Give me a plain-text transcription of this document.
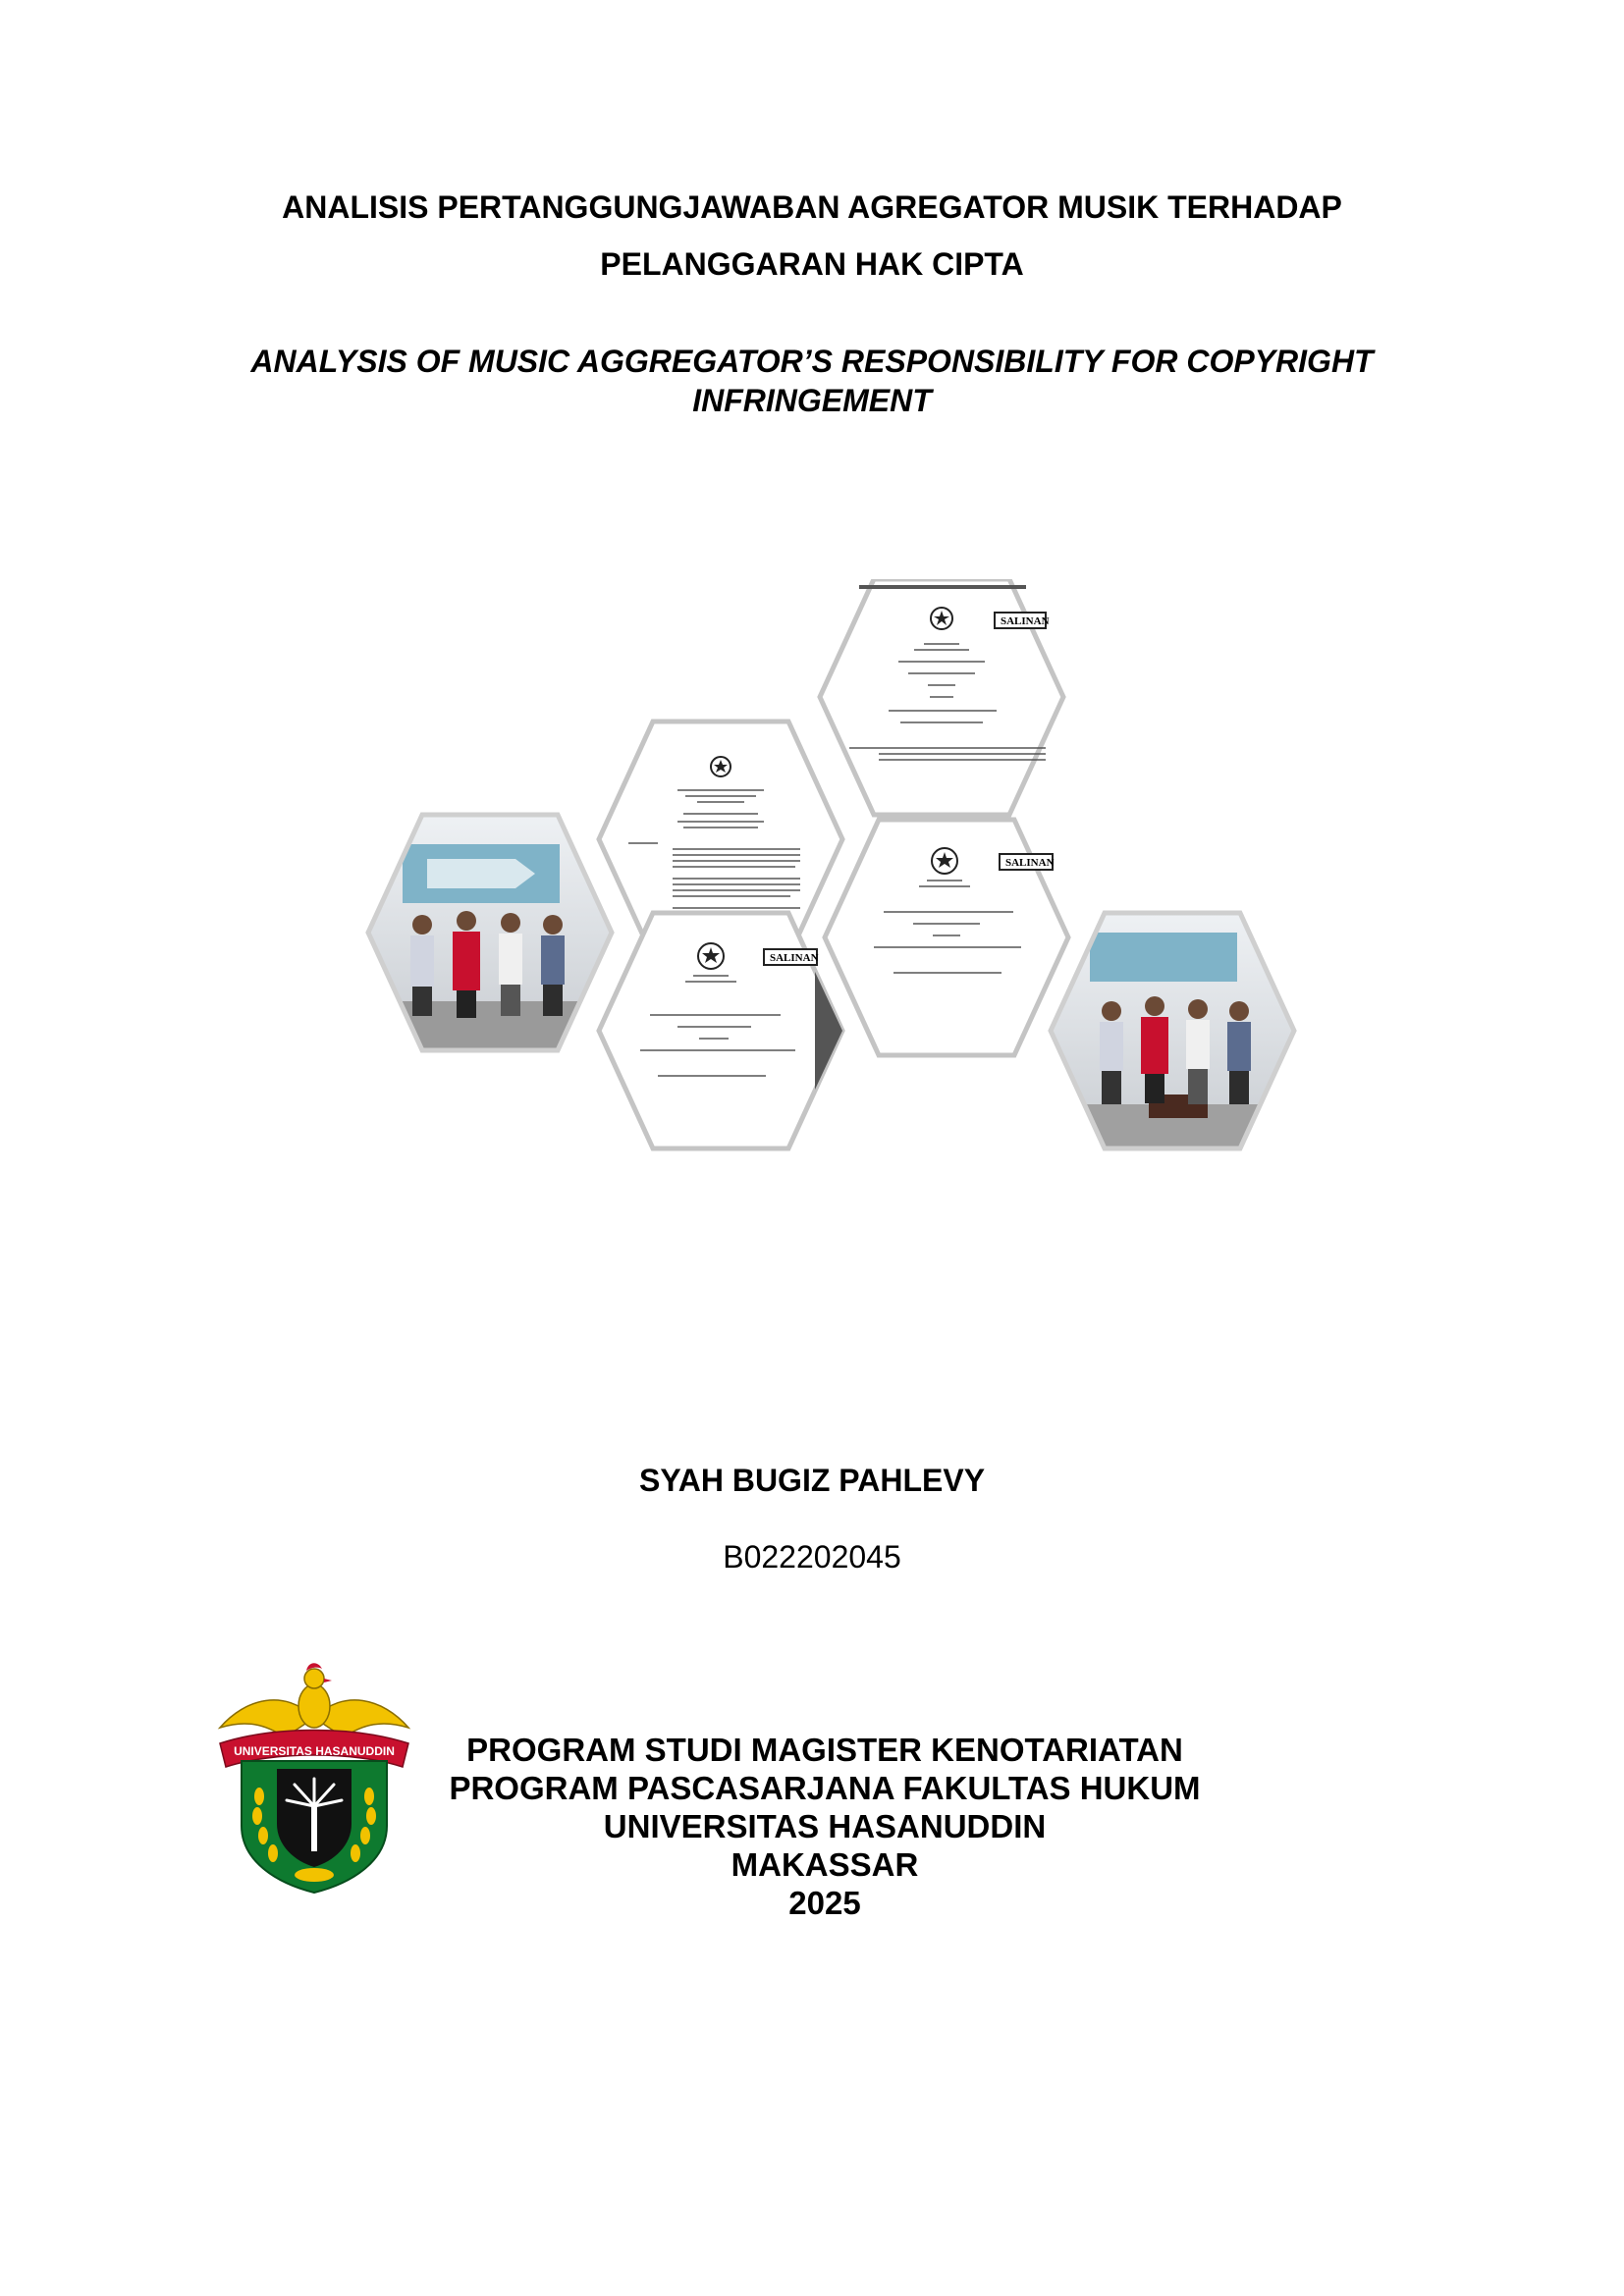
ANALISIS PERTANGGUNGJAWABAN AGREGATOR MUSIK TERHADAP
PELANGGARAN HAK CIPTA
ANALYSIS OF MUSIC AGGREGATOR’S RESPONSIBILITY FOR COPYRIGHT
INFRINGEMENT
SALINAN
SALINAN
SALINAN
SYAH BUGIZ PAHLEVY
B022202045
UNIVERSITAS HASANUDDIN	PROGRAM STUDI MAGISTER KENOTARIATAN
PROGRAM PASCASARJANA FAKULTAS HUKUM
UNIVERSITAS HASANUDDIN
MAKASSAR
2025
